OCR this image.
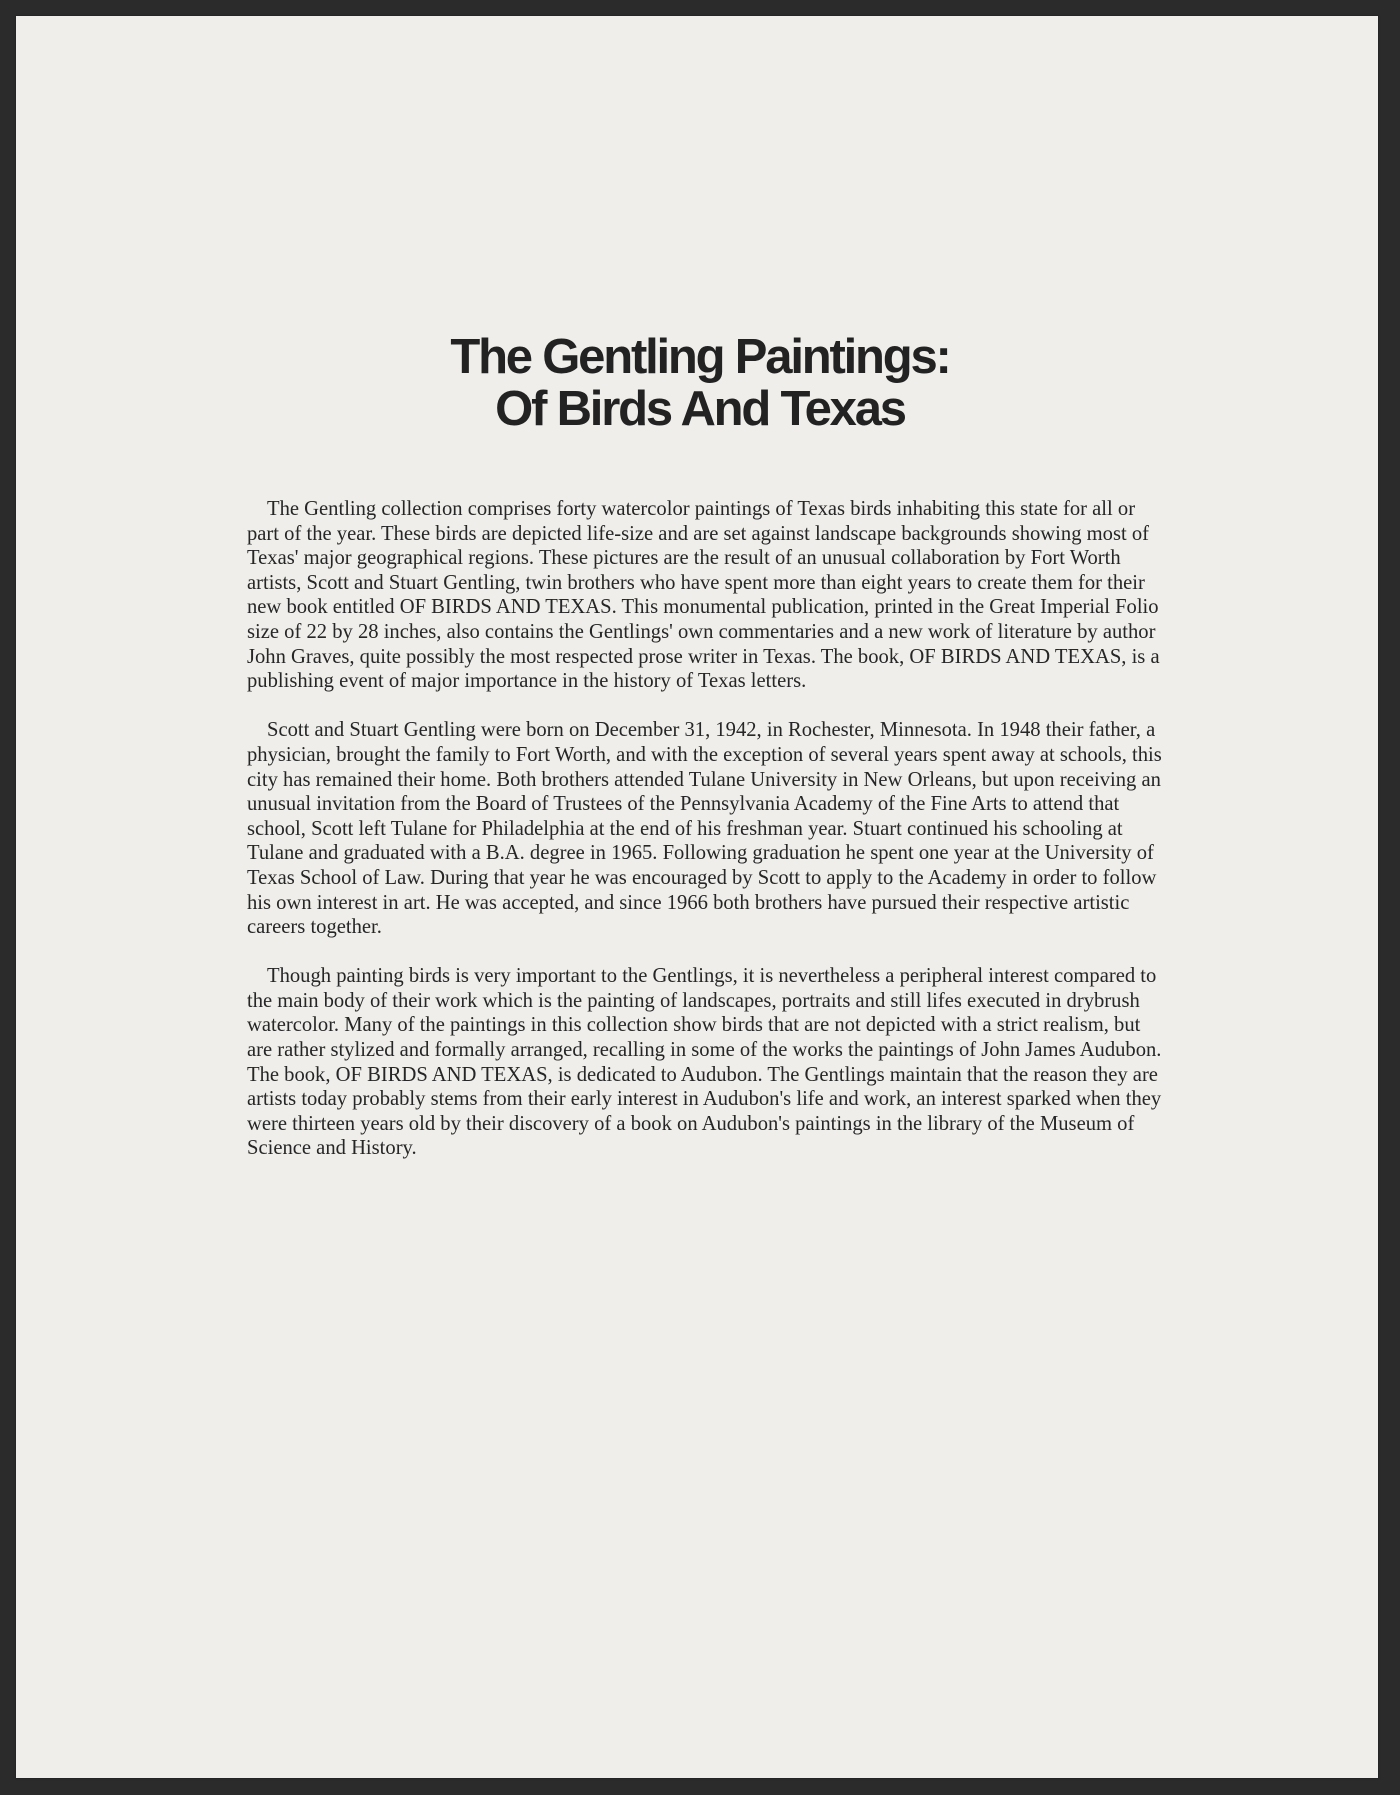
The Gentling Paintings:
Of Birds And Texas

The Gentling collection comprises forty watercolor paintings of Texas birds inhabiting this state for all or part of the year. These birds are depicted life-size and are set against landscape backgrounds showing most of Texas' major geographical regions. These pictures are the result of an unusual collaboration by Fort Worth artists, Scott and Stuart Gentling, twin brothers who have spent more than eight years to create them for their new book entitled OF BIRDS AND TEXAS. This monumental publication, printed in the Great Imperial Folio size of 22 by 28 inches, also contains the Gentlings' own commentaries and a new work of literature by author John Graves, quite possibly the most respected prose writer in Texas. The book, OF BIRDS AND TEXAS, is a publishing event of major importance in the history of Texas letters.

Scott and Stuart Gentling were born on December 31, 1942, in Rochester, Minnesota. In 1948 their father, a physician, brought the family to Fort Worth, and with the exception of several years spent away at schools, this city has remained their home. Both brothers attended Tulane University in New Orleans, but upon receiving an unusual invitation from the Board of Trustees of the Pennsylvania Academy of the Fine Arts to attend that school, Scott left Tulane for Philadelphia at the end of his freshman year. Stuart continued his schooling at Tulane and graduated with a B.A. degree in 1965. Following graduation he spent one year at the University of Texas School of Law. During that year he was encouraged by Scott to apply to the Academy in order to follow his own interest in art. He was accepted, and since 1966 both brothers have pursued their respective artistic careers together.

Though painting birds is very important to the Gentlings, it is nevertheless a peripheral interest compared to the main body of their work which is the painting of landscapes, portraits and still lifes executed in drybrush watercolor. Many of the paintings in this collection show birds that are not depicted with a strict realism, but are rather stylized and formally arranged, recalling in some of the works the paintings of John James Audubon. The book, OF BIRDS AND TEXAS, is dedicated to Audubon. The Gentlings maintain that the reason they are artists today probably stems from their early interest in Audubon's life and work, an interest sparked when they were thirteen years old by their discovery of a book on Audubon's paintings in the library of the Museum of Science and History.
